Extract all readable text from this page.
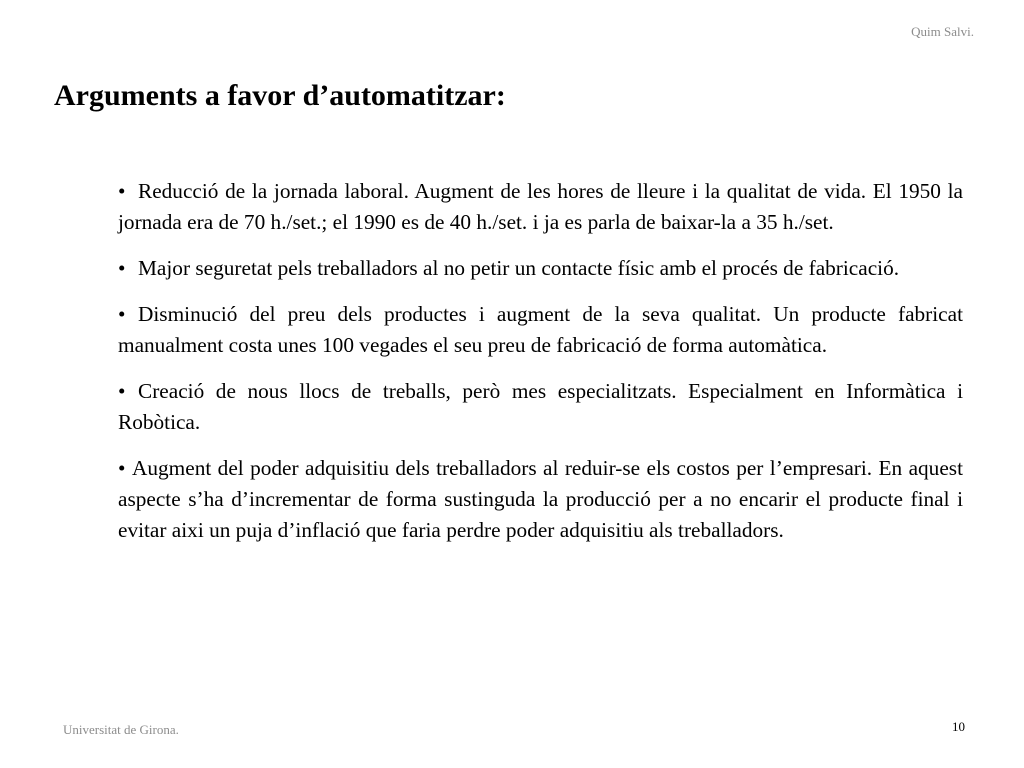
Quim Salvi.
Arguments a favor d’automatitzar:
• Reducció de la jornada laboral. Augment de les hores de lleure i la qualitat de vida. El 1950 la jornada era de 70 h./set.; el 1990 es de 40 h./set. i ja es parla de baixar-la a 35 h./set.
• Major seguretat pels treballadors al no petir un contacte físic amb el procés de fabricació.
• Disminució del preu dels productes i augment de la seva qualitat. Un producte fabricat manualment costa unes 100 vegades el seu preu de fabricació de forma automàtica.
• Creació de nous llocs de treballs, però mes especialitzats. Especialment en Informàtica i Robòtica.
• Augment del poder adquisitiu dels treballadors al reduir-se els costos per l’empresari. En aquest aspecte s’ha d’incrementar de forma sustinguda la producció per a no encarir el producte final i evitar aixi un puja d’inflació que faria perdre poder adquisitiu als treballadors.
Universitat de Girona.	10
